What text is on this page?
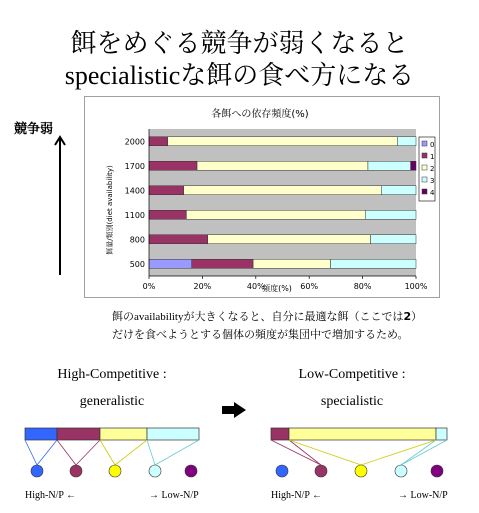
餌をめぐる競争が弱くなると
specialisticな餌の食べ方になる
競争弱
各餌への依存頻度(%)
餌量/類別(diet availability)
頻度(%)
500
800
1100
1400
1700
2000
0%	20%	40%	60%	80%	100%
0
1
2
3
4
餌のavailabilityが大きくなると、自分に最適な餌（ここでは2）
だけを食べようとする個体の頻度が集団中で増加するため。
High-Competitive :
generalistic
Low-Competitive :
specialistic
High-N/P ←	→ Low-N/P	High-N/P ←	→ Low-N/P
